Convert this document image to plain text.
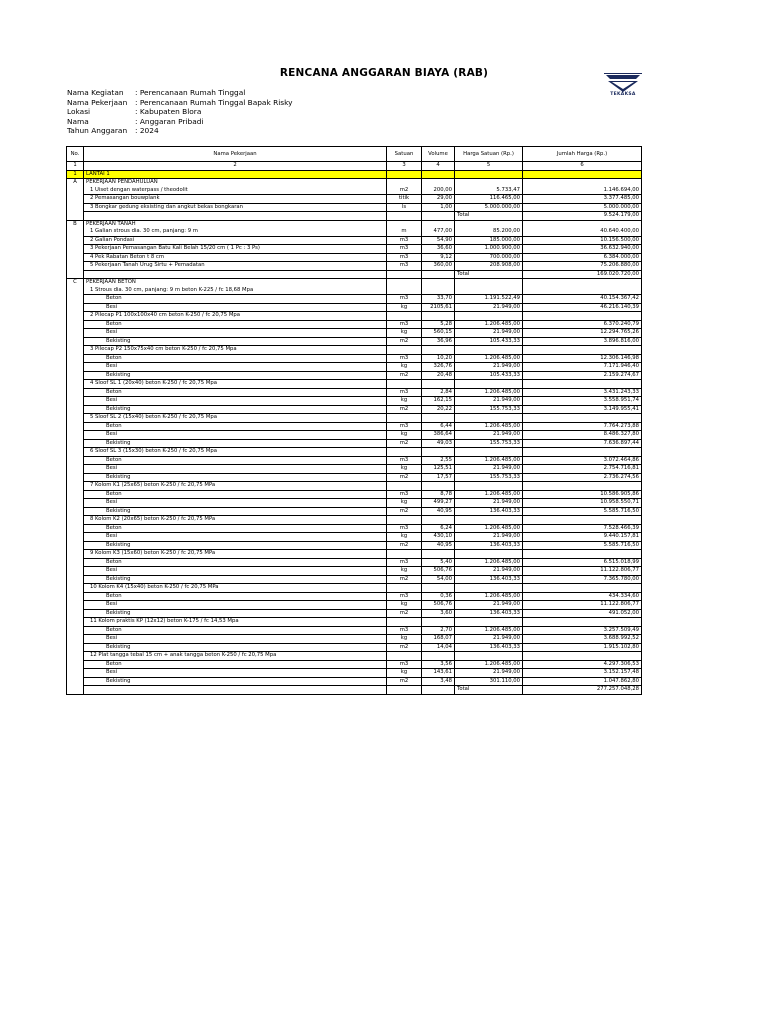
RENCANA ANGGARAN BIAYA (RAB)
TEKAKSA
Nama Kegiatan	: Perencanaan Rumah Tinggal
Nama Pekerjaan	: Perencanaan Rumah Tinggal Bapak Risky
Lokasi	: Kabupaten Blora
Nama	: Anggaran Pribadi
Tahun Anggaran	: 2024
No.	Nama Pekerjaan	Satuan	Volume	Harga Satuan (Rp.)	Jumlah Harga (Rp.)
1	2	3	4	5	6
1	LANTAI 1				
A	PEKERJAAN PENDAHULUAN				
	1 Uiset dengan waterpass / theodolit	m2	200,00	5.733,47	1.146.694,00
	2 Pemasangan bouwplank	titik	29,00	116.465,00	3.377.485,00
	3 Bongkar gedung eksisting dan angkut bekas bongkaran	ls	1,00	5.000.000,00	5.000.000,00
				Total	9.524.179,00
B	PEKERJAAN TANAH				
	1 Galian strous dia. 30 cm, panjang: 9 m	m	477,00	85.200,00	40.640.400,00
	2 Galian Pondasi	m3	54,90	185.000,00	10.156.500,00
	3 Pekerjaan Pemasangan Batu Kali Belah 15/20 cm ( 1 Pc : 3 Ps)	m3	36,60	1.000.900,00	36.632.940,00
	4 Pek Rabatan Beton t 8 cm	m3	9,12	700.000,00	6.384.000,00
	5 Pekerjaan Tanah Urug Sirtu + Pemadatan	m3	360,00	208.908,00	75.206.880,00
				Total	169.020.720,00
C	PEKERJAAN BETON				
	1 Strous dia. 30 cm, panjang: 9 m beton K-225 / fc 18,68 Mpa				
	Beton	m3	33,70	1.191.522,49	40.154.367,42
	Besi	kg	2105,61	21.949,00	46.216.140,39
	2 Pilecap P1 100x100x40 cm beton K-250 / fc 20,75 Mpa				
	Beton	m3	5,28	1.206.485,00	6.370.240,79
	Besi	kg	560,15	21.949,00	12.294.765,26
	Bekisting	m2	36,96	105.433,33	3.896.816,00
	3 Pilecap P2 150x75x40 cm beton K-250 / fc 20,75 Mpa				
	Beton	m3	10,20	1.206.485,00	12.306.146,98
	Besi	kg	326,76	21.949,00	7.171.946,40
	Bekisting	m2	20,48	105.433,33	2.159.274,67
	4 Sloof SL 1 (20x40) beton K-250 / fc 20,75 Mpa				
	Beton	m3	2,84	1.206.485,00	3.431.243,33
	Besi	kg	162,15	21.949,00	3.558.951,74
	Bekisting	m2	20,22	155.753,33	3.149.955,41
	5 Sloof SL 2 (15x40) beton K-250 / fc 20,75 Mpa				
	Beton	m3	6,44	1.206.485,00	7.764.273,88
	Besi	kg	386,64	21.949,00	8.486.327,80
	Bekisting	m2	49,03	155.753,33	7.636.897,44
	6 Sloof SL 3 (15x30) beton K-250 / fc 20,75 Mpa				
	Beton	m3	2,55	1.206.485,00	3.072.464,86
	Besi	kg	125,51	21.949,00	2.754.716,81
	Bekisting	m2	17,57	155.753,33	2.736.274,56
	7 Kolom K1 (25x65) beton K-250 / fc 20,75 MPa				
	Beton	m3	8,78	1.206.485,00	10.586.905,86
	Besi	kg	499,27	21.949,00	10.958.550,71
	Bekisting	m2	40,95	136.403,33	5.585.716,50
	8 Kolom K2 (20x65) beton K-250 / fc 20,75 MPa				
	Beton	m3	6,24	1.206.485,00	7.528.466,39
	Besi	kg	430,10	21.949,00	9.440.157,81
	Bekisting	m2	40,95	136.403,33	5.585.716,50
	9 Kolom K3 (15x60) beton K-250 / fc 20,75 MPa				
	Beton	m3	5,40	1.206.485,00	6.515.018,99
	Besi	kg	506,76	21.949,00	11.122.806,77
	Bekisting	m2	54,00	136.403,33	7.365.780,00
	10 Kolom K4 (15x40) beton K-250 / fc 20,75 MPa				
	Beton	m3	0,36	1.206.485,00	434.334,60
	Besi	kg	506,76	21.949,00	11.122.806,77
	Bekisting	m2	3,60	136.403,33	491.052,00
	11 Kolom praktis KP (12x12) beton K-175 / fc 14,53 Mpa				
	Beton	m3	2,70	1.206.485,00	3.257.509,49
	Besi	kg	168,07	21.949,00	3.688.992,52
	Bekisting	m2	14,04	136.403,33	1.915.102,80
	12 Plat tangga tebal 15 cm + anak tangga beton K-250 / fc 20,75 Mpa				
	Beton	m3	3,56	1.206.485,00	4.297.306,53
	Besi	kg	143,61	21.949,00	3.152.157,48
	Bekisting	m2	3,48	301.110,00	1.047.862,80
				Total	277.257.048,28
